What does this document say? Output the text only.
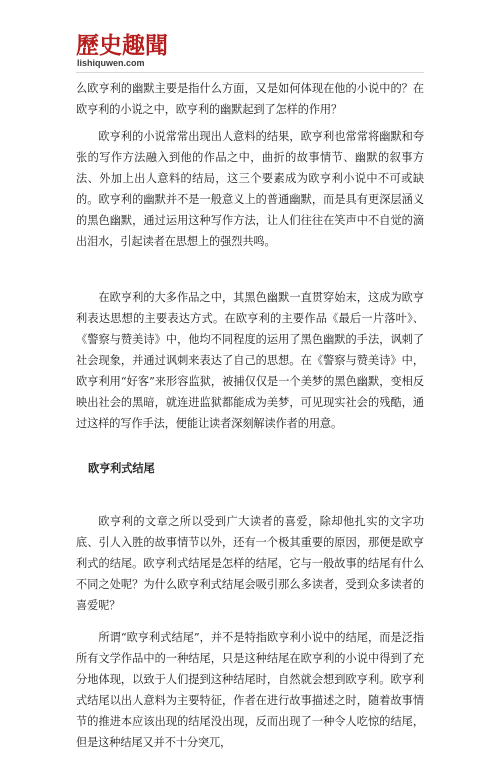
歷史趣聞
lishiquwen.com

么欧亨利的幽默主要是指什么方面，又是如何体现在他的小说中的？在欧亨利的小说之中，欧亨利的幽默起到了怎样的作用？

欧亨利的小说常常出现出人意料的结果，欧亨利也常常将幽默和夸张的写作方法融入到他的作品之中，曲折的故事情节、幽默的叙事方法、外加上出人意料的结局，这三个要素成为欧亨利小说中不可或缺的。欧亨利的幽默并不是一般意义上的普通幽默，而是具有更深层涵义的黑色幽默，通过运用这种写作方法，让人们往往在笑声中不自觉的滴出泪水，引起读者在思想上的强烈共鸣。

在欧亨利的大多作品之中，其黑色幽默一直贯穿始末，这成为欧亨利表达思想的主要表达方式。在欧亨利的主要作品《最后一片落叶》、《警察与赞美诗》中，他均不同程度的运用了黑色幽默的手法，讽刺了社会现象，并通过讽刺来表达了自己的思想。在《警察与赞美诗》中，欧亨利用“好客”来形容监狱，被捕仅仅是一个美梦的黑色幽默，变相反映出社会的黑暗，就连进监狱都能成为美梦，可见现实社会的残酷，通过这样的写作手法，便能让读者深刻解读作者的用意。

欧亨利式结尾

欧亨利的文章之所以受到广大读者的喜爱，除却他扎实的文字功底、引人入胜的故事情节以外，还有一个极其重要的原因，那便是欧亨利式的结尾。欧亨利式结尾是怎样的结尾，它与一般故事的结尾有什么不同之处呢？为什么欧亨利式结尾会吸引那么多读者，受到众多读者的喜爱呢？

所谓“欧亨利式结尾”，并不是特指欧亨利小说中的结尾，而是泛指所有文学作品中的一种结尾，只是这种结尾在欧亨利的小说中得到了充分地体现，以致于人们提到这种结尾时，自然就会想到欧亨利。欧亨利式结尾以出人意料为主要特征，作者在进行故事描述之时，随着故事情节的推进本应该出现的结尾没出现，反而出现了一种令人吃惊的结尾，但是这种结尾又并不十分突兀，
